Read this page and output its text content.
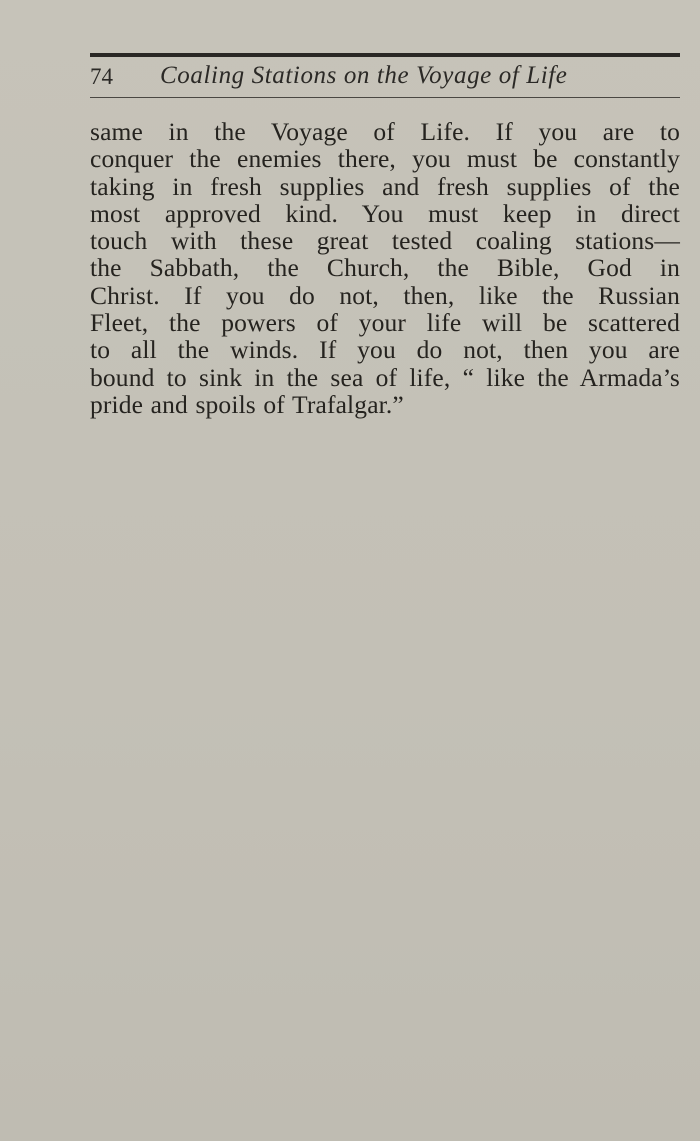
74 Coaling Stations on the Voyage of Life

same in the Voyage of Life. If you are to
conquer the enemies there, you must be constantly
taking in fresh supplies and fresh supplies of the
most approved kind. You must keep in direct
touch with these great tested coaling stations—
the Sabbath, the Church, the Bible, God in
Christ. If you do not, then, like the Russian
Fleet, the powers of your life will be scattered
to all the winds. If you do not, then you are
bound to sink in the sea of life, “ like the Armada’s
pride and spoils of Trafalgar.”
